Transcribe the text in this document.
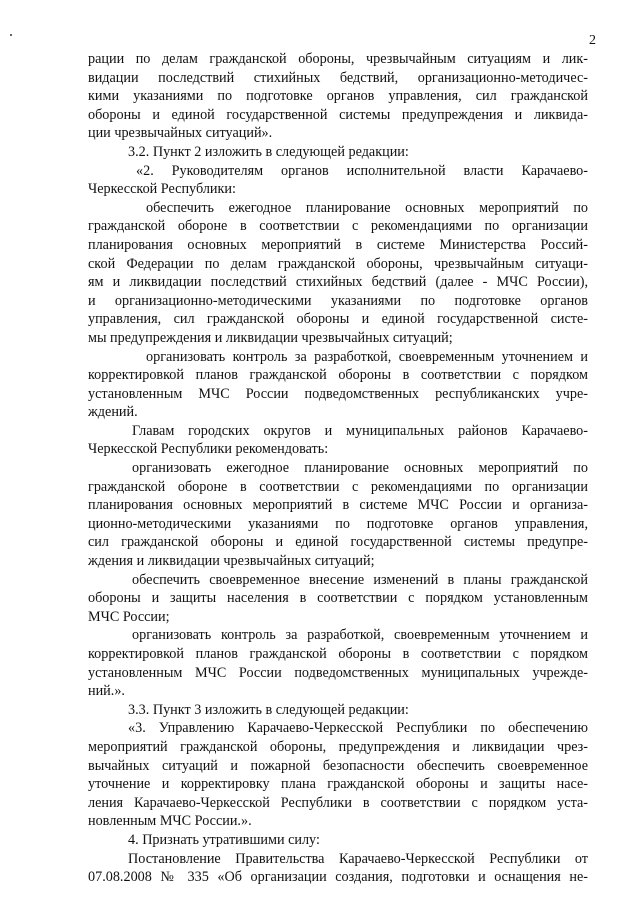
2

рации по делам гражданской обороны, чрезвычайным ситуациям и лик-

видации последствий стихийных бедствий, организационно-методичес-

кими указаниями по подготовке органов управления, сил гражданской

обороны и единой государственной системы предупреждения и ликвида-

ции чрезвычайных ситуаций».

3.2. Пункт 2 изложить в следующей редакции:

«2. Руководителям органов исполнительной власти Карачаево-

Черкесской Республики:

обеспечить ежегодное планирование основных мероприятий по

гражданской обороне в соответствии с рекомендациями по организации

планирования основных мероприятий в системе Министерства Россий-

ской Федерации по делам гражданской обороны, чрезвычайным ситуаци-

ям и ликвидации последствий стихийных бедствий (далее - МЧС России),

и организационно-методическими указаниями по подготовке органов

управления, сил гражданской обороны и единой государственной систе-

мы предупреждения и ликвидации чрезвычайных ситуаций;

организовать контроль за разработкой, своевременным уточнением и

корректировкой планов гражданской обороны в соответствии с порядком

установленным МЧС России подведомственных республиканских учре-

ждений.

Главам городских округов и муниципальных районов Карачаево-

Черкесской Республики рекомендовать:

организовать ежегодное планирование основных мероприятий по

гражданской обороне в соответствии с рекомендациями по организации

планирования основных мероприятий в системе МЧС России и организа-

ционно-методическими указаниями по подготовке органов управления,

сил гражданской обороны и единой государственной системы предупре-

ждения и ликвидации чрезвычайных ситуаций;

обеспечить своевременное внесение изменений в планы гражданской

обороны и защиты населения в соответствии с порядком установленным

МЧС России;

организовать контроль за разработкой, своевременным уточнением и

корректировкой планов гражданской обороны в соответствии с порядком

установленным МЧС России подведомственных муниципальных учрежде-

ний.».

3.3. Пункт 3 изложить в следующей редакции:

«3. Управлению Карачаево-Черкесской Республики по обеспечению

мероприятий гражданской обороны, предупреждения и ликвидации чрез-

вычайных ситуаций и пожарной безопасности обеспечить своевременное

уточнение и корректировку плана гражданской обороны и защиты насе-

ления Карачаево-Черкесской Республики в соответствии с порядком уста-

новленным МЧС России.».

4. Признать утратившими силу:

Постановление Правительства Карачаево-Черкесской Республики от

07.08.2008 № 335 «Об организации создания, подготовки и оснащения не-
